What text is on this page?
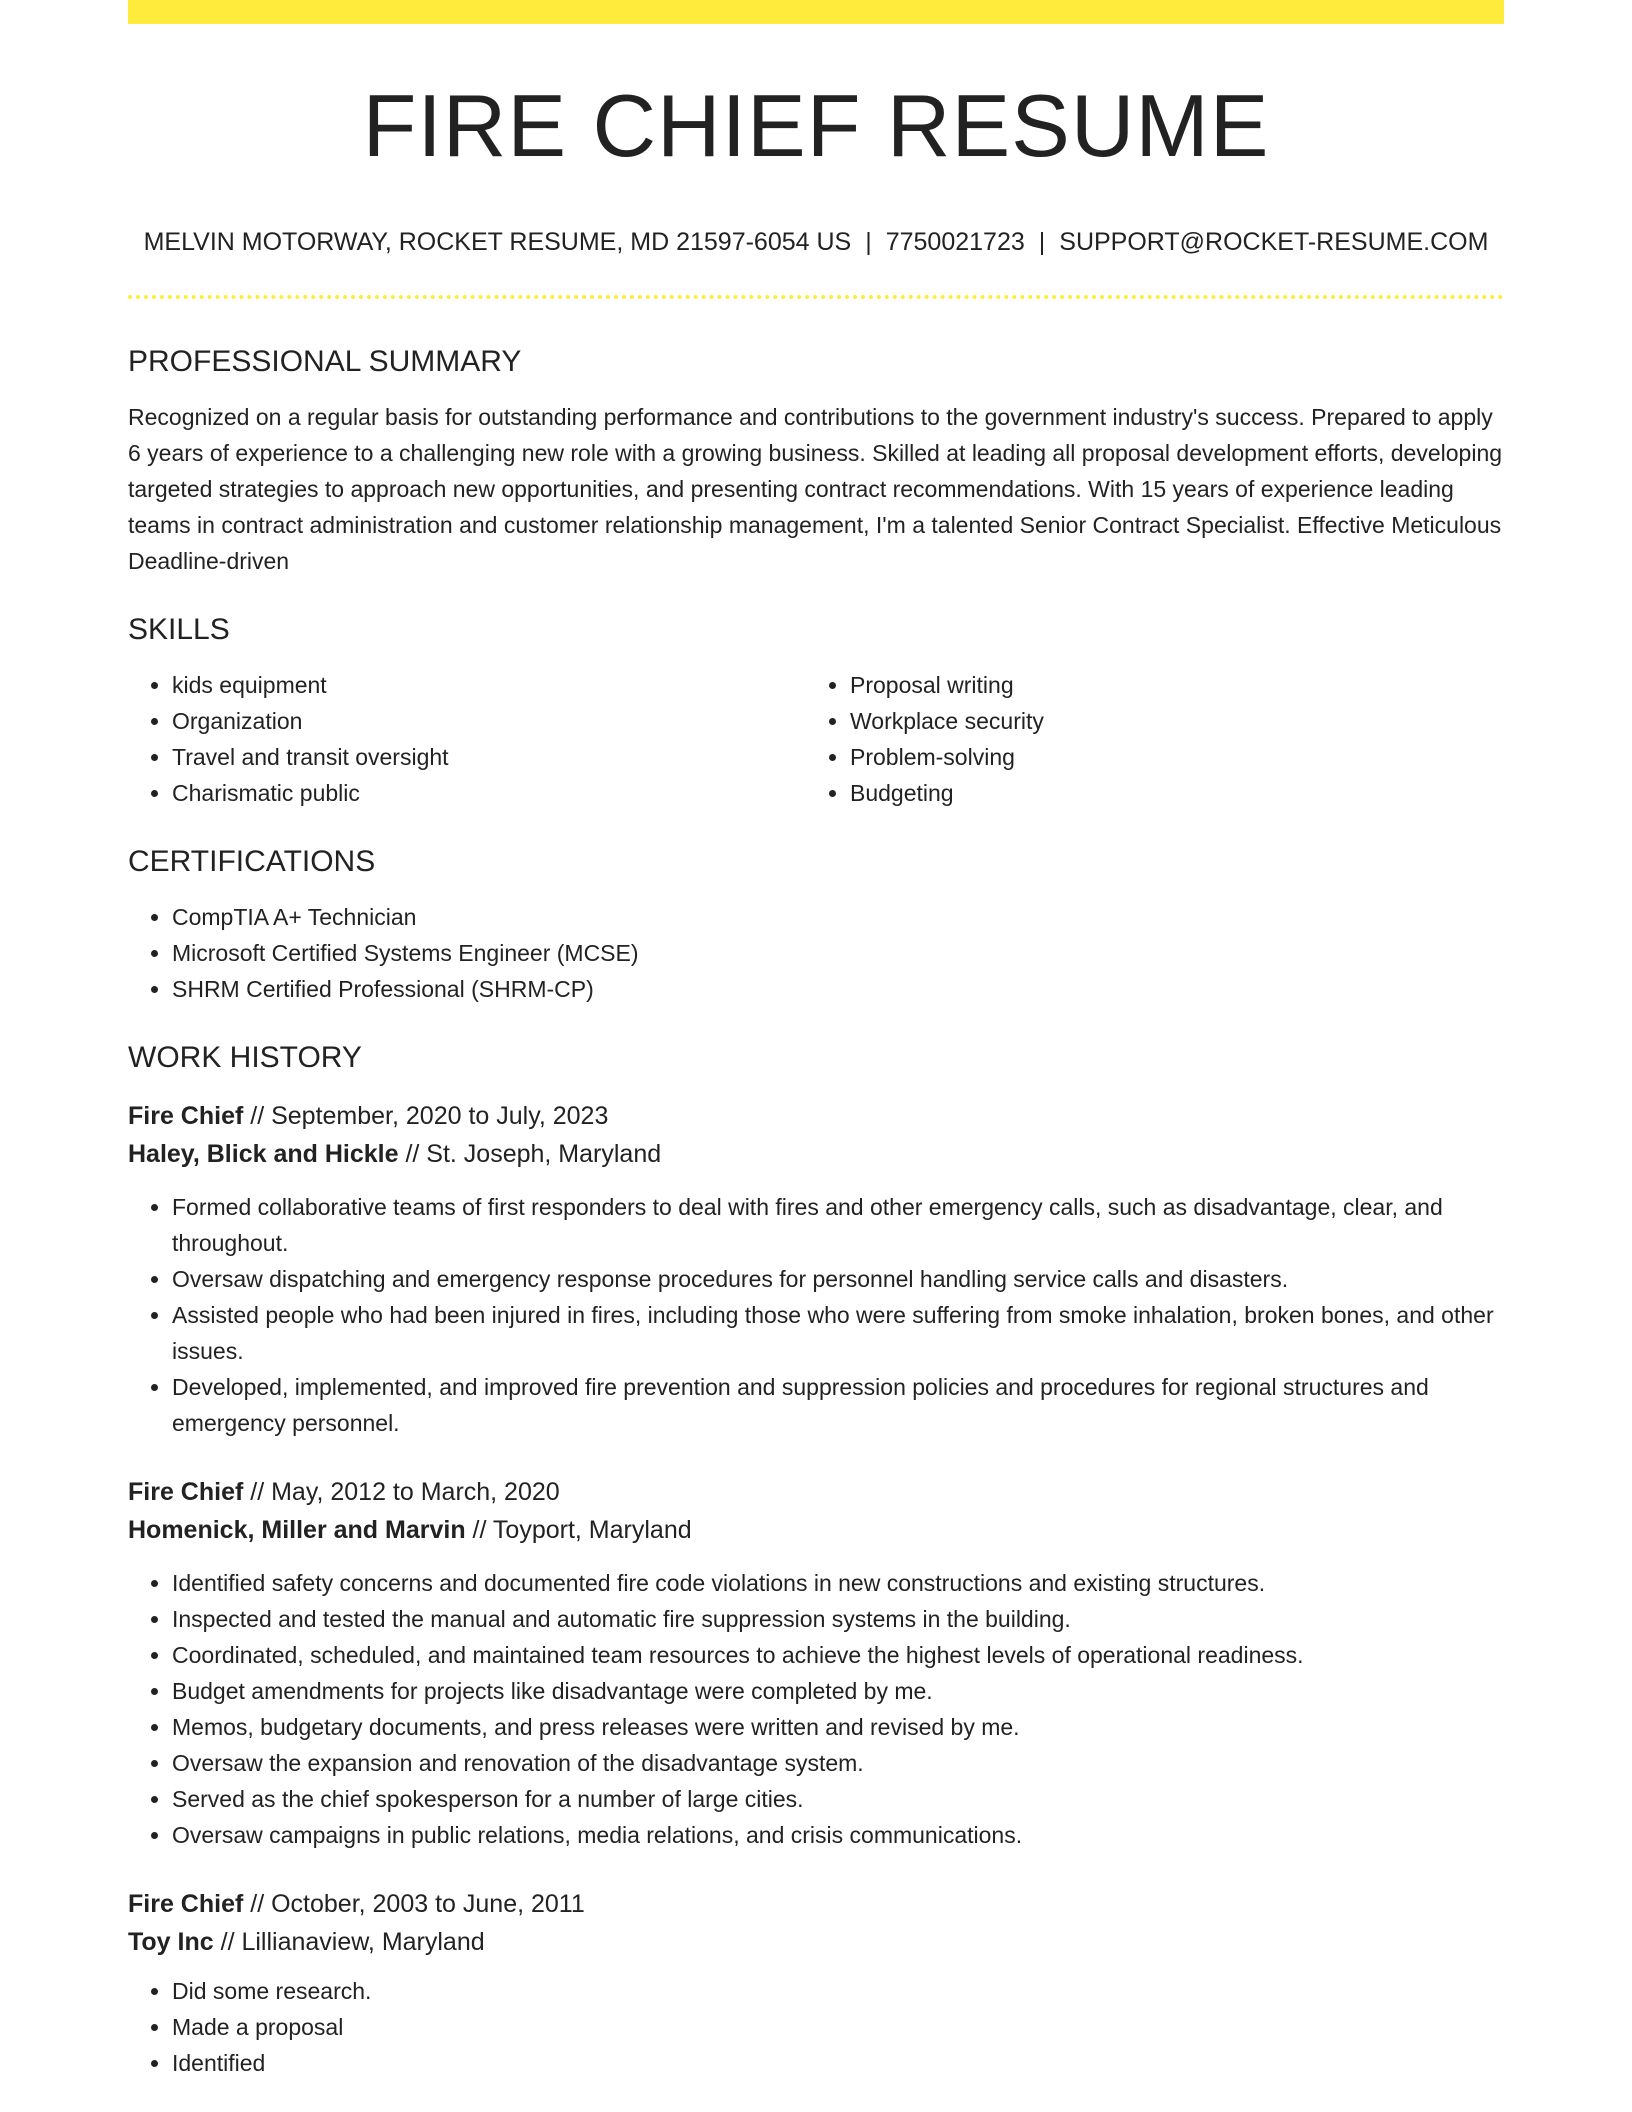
FIRE CHIEF RESUME
MELVIN MOTORWAY, ROCKET RESUME, MD 21597-6054 US | 7750021723 | SUPPORT@ROCKET-RESUME.COM
PROFESSIONAL SUMMARY

Recognized on a regular basis for outstanding performance and contributions to the government industry's success. Prepared to apply 6 years of experience to a challenging new role with a growing business. Skilled at leading all proposal development efforts, developing targeted strategies to approach new opportunities, and presenting contract recommendations. With 15 years of experience leading teams in contract administration and customer relationship management, I'm a talented Senior Contract Specialist. Effective Meticulous Deadline-driven

SKILLS
• kids equipment
• Organization
• Travel and transit oversight
• Charismatic public
• Proposal writing
• Workplace security
• Problem-solving
• Budgeting
CERTIFICATIONS
• CompTIA A+ Technician
• Microsoft Certified Systems Engineer (MCSE)
• SHRM Certified Professional (SHRM-CP)
WORK HISTORY

Fire Chief // September, 2020 to July, 2023

Haley, Blick and Hickle // St. Joseph, Maryland

• Formed collaborative teams of first responders to deal with fires and other emergency calls, such as disadvantage, clear, and throughout.
• Oversaw dispatching and emergency response procedures for personnel handling service calls and disasters.
• Assisted people who had been injured in fires, including those who were suffering from smoke inhalation, broken bones, and other issues.
• Developed, implemented, and improved fire prevention and suppression policies and procedures for regional structures and emergency personnel.

Fire Chief // May, 2012 to March, 2020

Homenick, Miller and Marvin // Toyport, Maryland

• Identified safety concerns and documented fire code violations in new constructions and existing structures.
• Inspected and tested the manual and automatic fire suppression systems in the building.
• Coordinated, scheduled, and maintained team resources to achieve the highest levels of operational readiness.
• Budget amendments for projects like disadvantage were completed by me.
• Memos, budgetary documents, and press releases were written and revised by me.
• Oversaw the expansion and renovation of the disadvantage system.
• Served as the chief spokesperson for a number of large cities.
• Oversaw campaigns in public relations, media relations, and crisis communications.

Fire Chief // October, 2003 to June, 2011

Toy Inc // Lillianaview, Maryland

• Did some research.
• Made a proposal
• Identified
